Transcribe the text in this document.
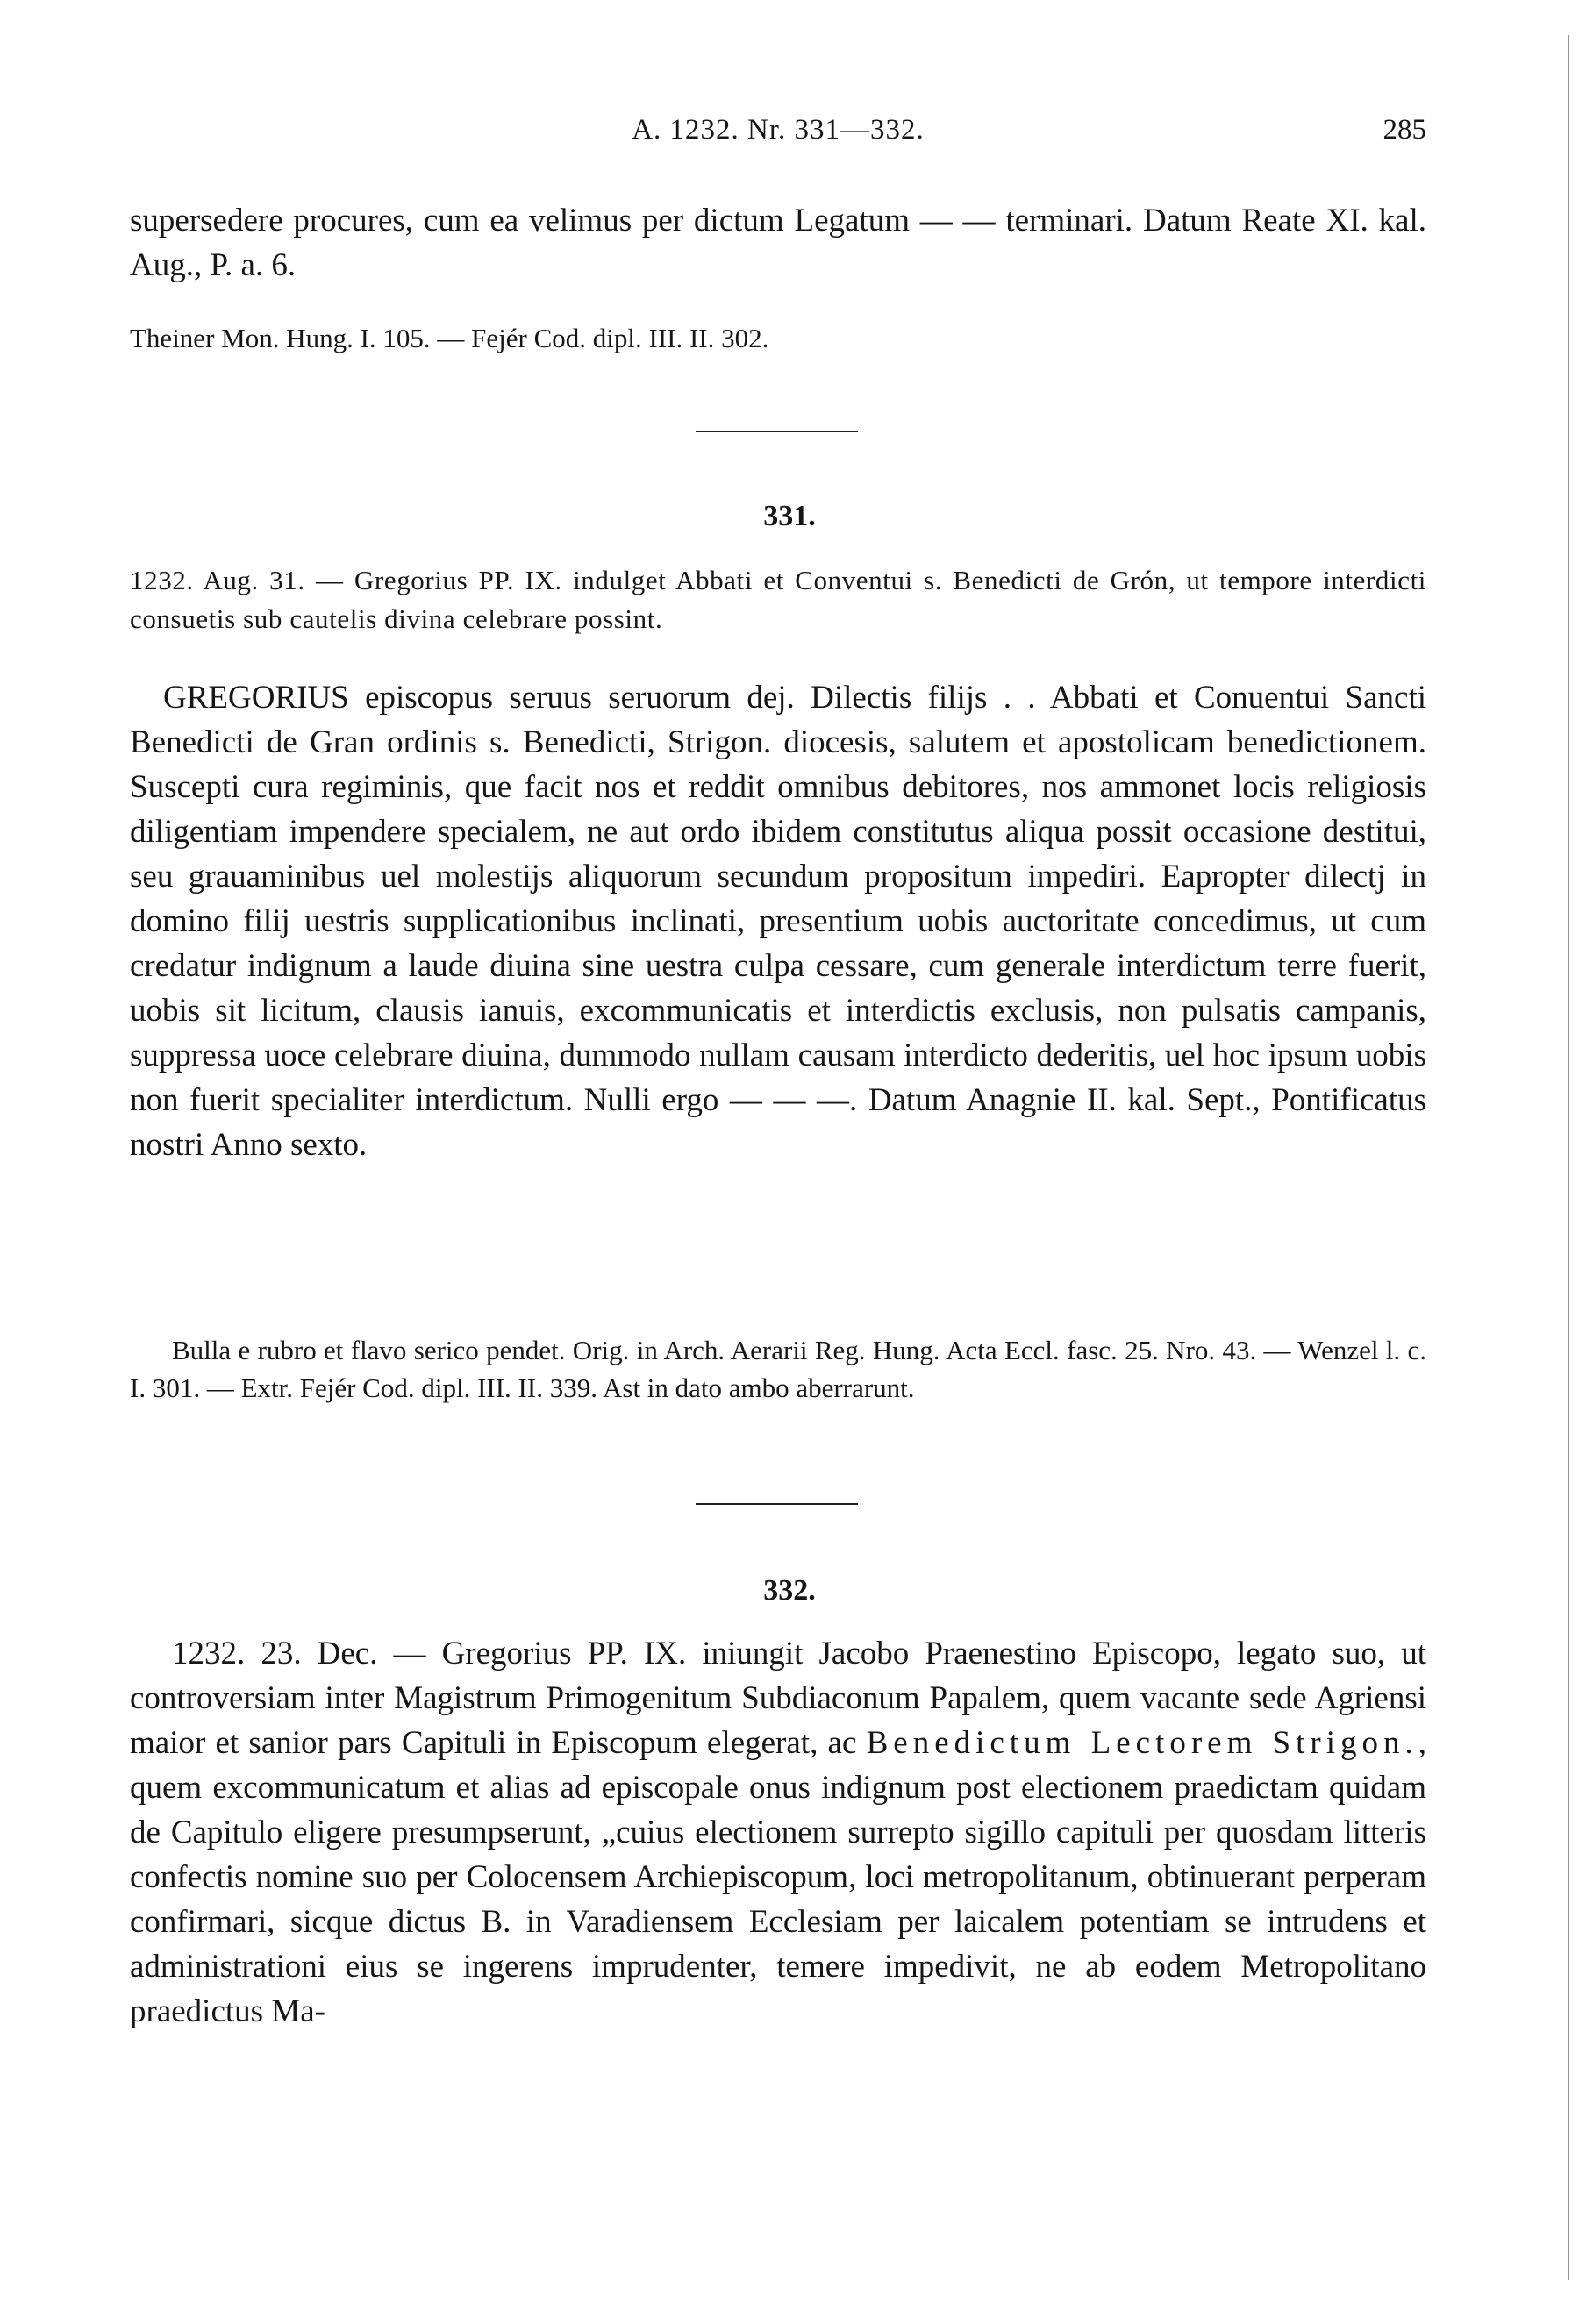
A. 1232. Nr. 331—332.	285
supersedere procures, cum ea velimus per dictum Legatum — — terminari. Datum Reate XI. kal. Aug., P. a. 6.
Theiner Mon. Hung. I. 105. — Fejér Cod. dipl. III. II. 302.
331.
1232. Aug. 31. — Gregorius PP. IX. indulget Abbati et Conventui s. Benedicti de Grón, ut tempore interdicti consuetis sub cautelis divina celebrare possint.
GREGORIUS episcopus seruus seruorum dej. Dilectis filijs . . Abbati et Conuentui Sancti Benedicti de Gran ordinis s. Benedicti, Strigon. diocesis, salutem et apostolicam benedictionem. Suscepti cura regiminis, que facit nos et reddit omnibus debitores, nos ammonet locis religiosis diligentiam impendere specialem, ne aut ordo ibidem constitutus aliqua possit occasione destitui, seu grauaminibus uel molestijs aliquorum secundum propositum impediri. Eapropter dilectj in domino filij uestris supplicationibus inclinati, presentium uobis auctoritate concedimus, ut cum credatur indignum a laude diuina sine uestra culpa cessare, cum generale interdictum terre fuerit, uobis sit licitum, clausis ianuis, excommunicatis et interdictis exclusis, non pulsatis campanis, suppressa uoce celebrare diuina, dummodo nullam causam interdicto dederitis, uel hoc ipsum uobis non fuerit specialiter interdictum. Nulli ergo — — —. Datum Anagnie II. kal. Sept., Pontificatus nostri Anno sexto.
Bulla e rubro et flavo serico pendet. Orig. in Arch. Aerarii Reg. Hung. Acta Eccl. fasc. 25. Nro. 43. — Wenzel l. c. I. 301. — Extr. Fejér Cod. dipl. III. II. 339. Ast in dato ambo aberrarunt.
332.
1232. 23. Dec. — Gregorius PP. IX. iniungit Jacobo Praenestino Episcopo, legato suo, ut controversiam inter Magistrum Primogenitum Subdiaconum Papalem, quem vacante sede Agriensi maior et sanior pars Capituli in Episcopum elegerat, ac Benedictum Lectorem Strigon., quem excommunicatum et alias ad episcopale onus indignum post electionem praedictam quidam de Capitulo eligere presumpserunt, „cuius electionem surrepto sigillo capituli per quosdam litteris confectis nomine suo per Colocensem Archiepiscopum, loci metropolitanum, obtinuerant perperam confirmari, sicque dictus B. in Varadiensem Ecclesiam per laicalem potentiam se intrudens et administrationi eius se ingerens imprudenter, temere impedivit, ne ab eodem Metropolitano praedictus Ma-
